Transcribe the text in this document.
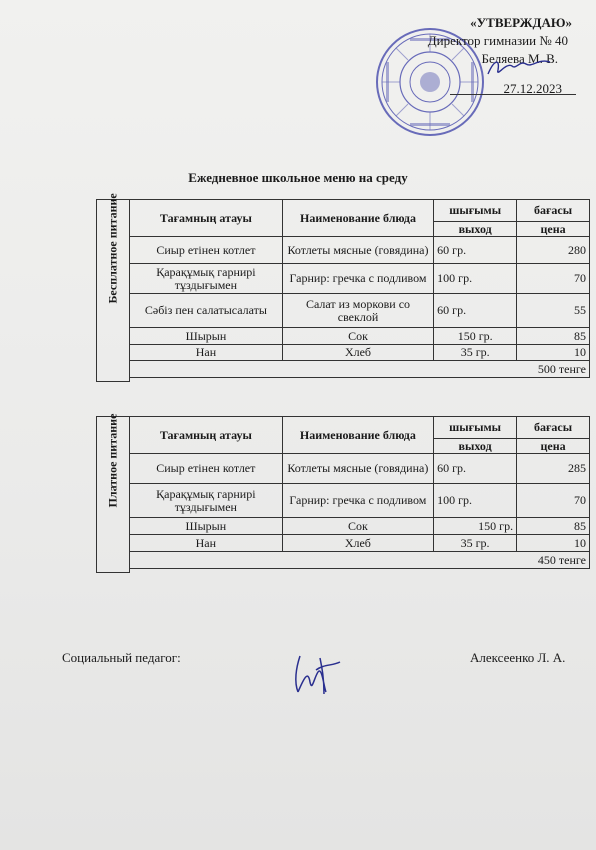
«УТВЕРЖДАЮ»
Директор гимназии № 40
Беляева М. В.
27.12.2023
Ежедневное школьное меню на среду
Бесплатное питание	Тағамның атауы	Наименование блюда	шығымы	бағасы
			выход	цена
	Сиыр етінен котлет	Котлеты мясные (говядина)	60 гр.	280
	Қарақұмық гарнирі тұздығымен	Гарнир: гречка с подливом	100 гр.	70
	Сәбіз пен салатысалаты	Салат из моркови со свеклой	60 гр.	55
	Шырын	Сок	150 гр.	85
	Нан	Хлеб	35 гр.	10
	500 тенге			

Платное питание	Тағамның атауы	Наименование блюда	шығымы	бағасы
			выход	цена
	Сиыр етінен котлет	Котлеты мясные (говядина)	60 гр.	285
	Қарақұмық гарнирі тұздығымен	Гарнир: гречка с подливом	100 гр.	70
	Шырын	Сок	150 гр.	85
	Нан	Хлеб	35 гр.	10
	450 тенге			

Социальный педагог:	Алексеенко Л. А.
